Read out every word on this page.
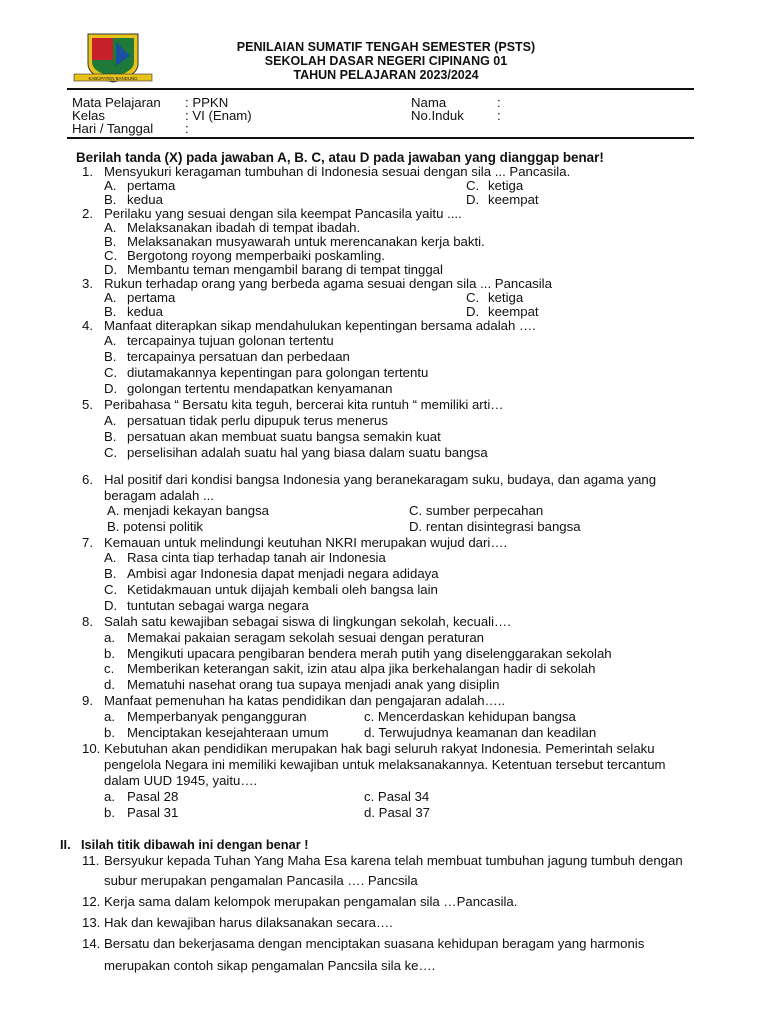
KABUPATEN BANDUNG
PENILAIAN SUMATIF TENGAH SEMESTER (PSTS)
SEKOLAH DASAR NEGERI CIPINANG 01
TAHUN PELAJARAN 2023/2024
Mata Pelajaran : PPKN
Kelas	: VI (Enam)
Hari / Tanggal :
Nama	:
No.Induk	:
Berilah tanda (X) pada jawaban A, B. C, atau D pada jawaban yang dianggap benar!
1. Mensyukuri keragaman tumbuhan di Indonesia sesuai dengan sila ... Pancasila.
A. pertama
B. kedua
C. ketiga
D. keempat
2. Perilaku yang sesuai dengan sila keempat Pancasila yaitu ....
A. Melaksanakan ibadah di tempat ibadah.
B. Melaksanakan musyawarah untuk merencanakan kerja bakti.
C. Bergotong royong memperbaiki poskamling.
D. Membantu teman mengambil barang di tempat tinggal
3. Rukun terhadap orang yang berbeda agama sesuai dengan sila ... Pancasila
A. pertama
B. kedua
C. ketiga
D. keempat
4. Manfaat diterapkan sikap mendahulukan kepentingan bersama adalah ….
A. tercapainya tujuan golonan tertentu
B. tercapainya persatuan dan perbedaan
C. diutamakannya kepentingan para golongan tertentu
D. golongan tertentu mendapatkan kenyamanan
5. Peribahasa “ Bersatu kita teguh, bercerai kita runtuh “ memiliki arti…
A. persatuan tidak perlu dipupuk terus menerus
B. persatuan akan membuat suatu bangsa semakin kuat
C. perselisihan adalah suatu hal yang biasa dalam suatu bangsa
6. Hal positif dari kondisi bangsa Indonesia yang beranekaragam suku, budaya, dan agama yang
beragam adalah ...
A. menjadi kekayan bangsa
B. potensi politik
C. sumber perpecahan
D. rentan disintegrasi bangsa
7. Kemauan untuk melindungi keutuhan NKRI merupakan wujud dari….
A. Rasa cinta tiap terhadap tanah air Indonesia
B. Ambisi agar Indonesia dapat menjadi negara adidaya
C. Ketidakmauan untuk dijajah kembali oleh bangsa lain
D. tuntutan sebagai warga negara
8. Salah satu kewajiban sebagai siswa di lingkungan sekolah, kecuali….
a. Memakai pakaian seragam sekolah sesuai dengan peraturan
b. Mengikuti upacara pengibaran bendera merah putih yang diselenggarakan sekolah
c. Memberikan keterangan sakit, izin atau alpa jika berkehalangan hadir di sekolah
d. Mematuhi nasehat orang tua supaya menjadi anak yang disiplin
9. Manfaat pemenuhan ha katas pendidikan dan pengajaran adalah…..
a. Memperbanyak pengangguran
b. Menciptakan kesejahteraan umum
c. Mencerdaskan kehidupan bangsa
d. Terwujudnya keamanan dan keadilan
10. Kebutuhan akan pendidikan merupakan hak bagi seluruh rakyat Indonesia. Pemerintah selaku
pengelola Negara ini memiliki kewajiban untuk melaksanakannya. Ketentuan tersebut tercantum
dalam UUD 1945, yaitu….
a. Pasal 28
b. Pasal 31
c. Pasal 34
d. Pasal 37
II. Isilah titik dibawah ini dengan benar !
11. Bersyukur kepada Tuhan Yang Maha Esa karena telah membuat tumbuhan jagung tumbuh dengan
subur merupakan pengamalan Pancasila …. Pancsila
12. Kerja sama dalam kelompok merupakan pengamalan sila …Pancasila.
13. Hak dan kewajiban harus dilaksanakan secara….
14. Bersatu dan bekerjasama dengan menciptakan suasana kehidupan beragam yang harmonis
merupakan contoh sikap pengamalan Pancsila sila ke….
